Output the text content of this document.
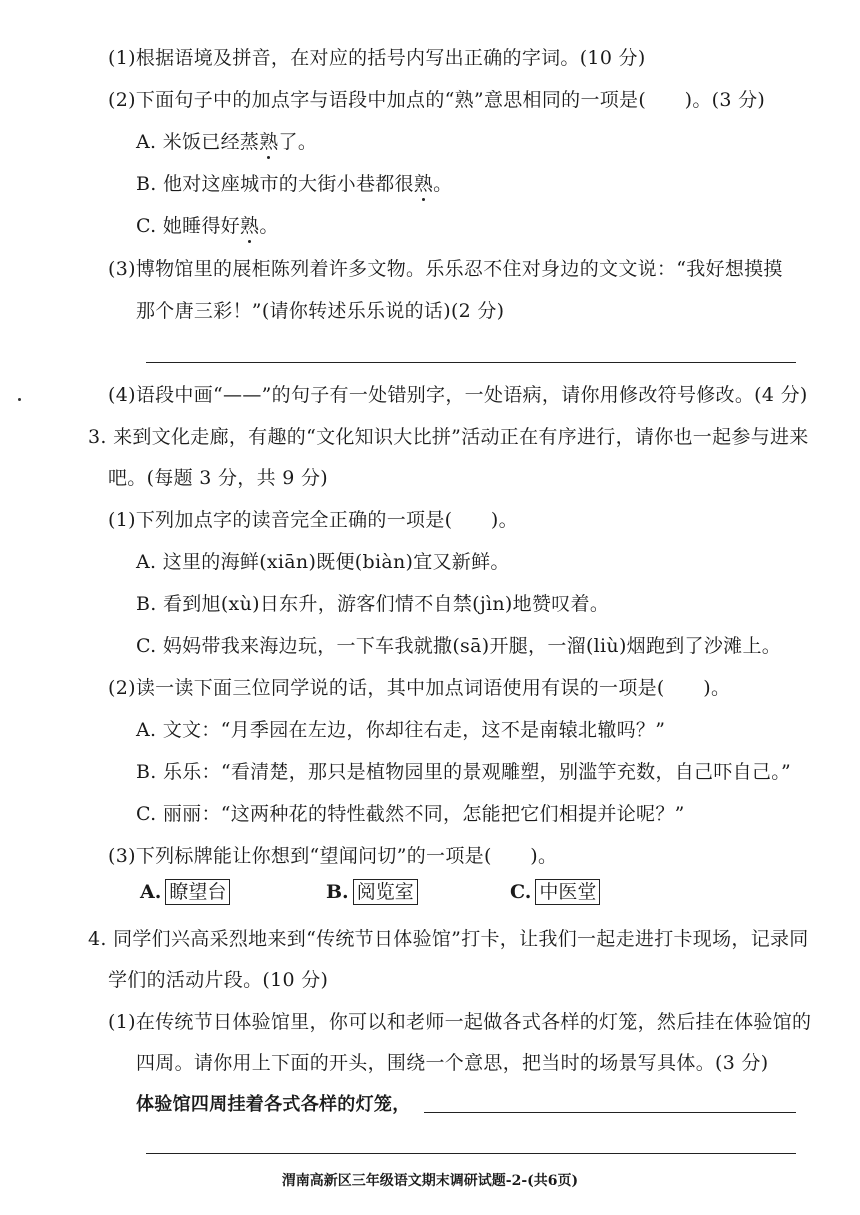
(1)根据语境及拼音，在对应的括号内写出正确的字词。(10 分)
(2)下面句子中的加点字与语段中加点的“熟”意思相同的一项是(　　)。(3 分)
A. 米饭已经蒸熟了。
B. 他对这座城市的大街小巷都很熟。
C. 她睡得好熟。
(3)博物馆里的展柜陈列着许多文物。乐乐忍不住对身边的文文说：“我好想摸摸
那个唐三彩！”(请你转述乐乐说的话)(2 分)
(4)语段中画“——”的句子有一处错别字，一处语病，请你用修改符号修改。(4 分)
3. 来到文化走廊，有趣的“文化知识大比拼”活动正在有序进行，请你也一起参与进来
吧。(每题 3 分，共 9 分)
(1)下列加点字的读音完全正确的一项是(　　)。
A. 这里的海鲜(xiān)既便(biàn)宜又新鲜。
B. 看到旭(xù)日东升，游客们情不自禁(jìn)地赞叹着。
C. 妈妈带我来海边玩，一下车我就撒(sā)开腿，一溜(liù)烟跑到了沙滩上。
(2)读一读下面三位同学说的话，其中加点词语使用有误的一项是(　　)。
A. 文文：“月季园在左边，你却往右走，这不是南辕北辙吗？”
B. 乐乐：“看清楚，那只是植物园里的景观雕塑，别滥竽充数，自己吓自己。”
C. 丽丽：“这两种花的特性截然不同，怎能把它们相提并论呢？”
(3)下列标牌能让你想到“望闻问切”的一项是(　　)。
A. 瞭望台	B. 阅览室	C. 中医堂
4. 同学们兴高采烈地来到“传统节日体验馆”打卡，让我们一起走进打卡现场，记录同
学们的活动片段。(10 分)
(1)在传统节日体验馆里，你可以和老师一起做各式各样的灯笼，然后挂在体验馆的
四周。请你用上下面的开头，围绕一个意思，把当时的场景写具体。(3 分)
体验馆四周挂着各式各样的灯笼，
渭南高新区三年级语文期末调研试题-2-(共6页)
